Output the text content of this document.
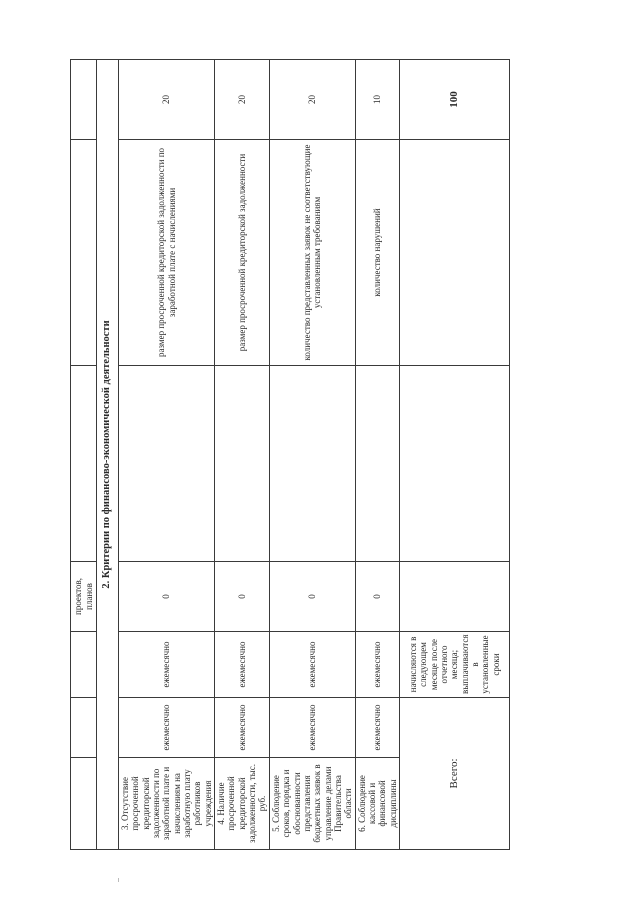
			проектов, планов			
2. Критерии по финансово-экономической деятельности						
3. Отсутствие просроченной кредиторской задолженности по заработной плате и начислениям на заработную плату работников учреждения	ежемесячно	ежемесячно	0		размер просроченной кредиторской задолженности по заработной плате с начислениями	20
4. Наличие просроченной кредиторской задолженности, тыс. руб.	ежемесячно	ежемесячно	0		размер просроченной кредиторской задолженности	20
5. Соблюдение сроков, порядка и обоснованности представления бюджетных заявок в управление делами Правительства области	ежемесячно	ежемесячно	0		количество представленных заявок не соответствующие установленным требованиям	20
6. Соблюдение кассовой и финансовой дисциплины	ежемесячно	ежемесячно	0		количество нарушений	10
Всего:		начисляются в следующем месяце после отчетного месяца; выплачиваются в установленные сроки				100
